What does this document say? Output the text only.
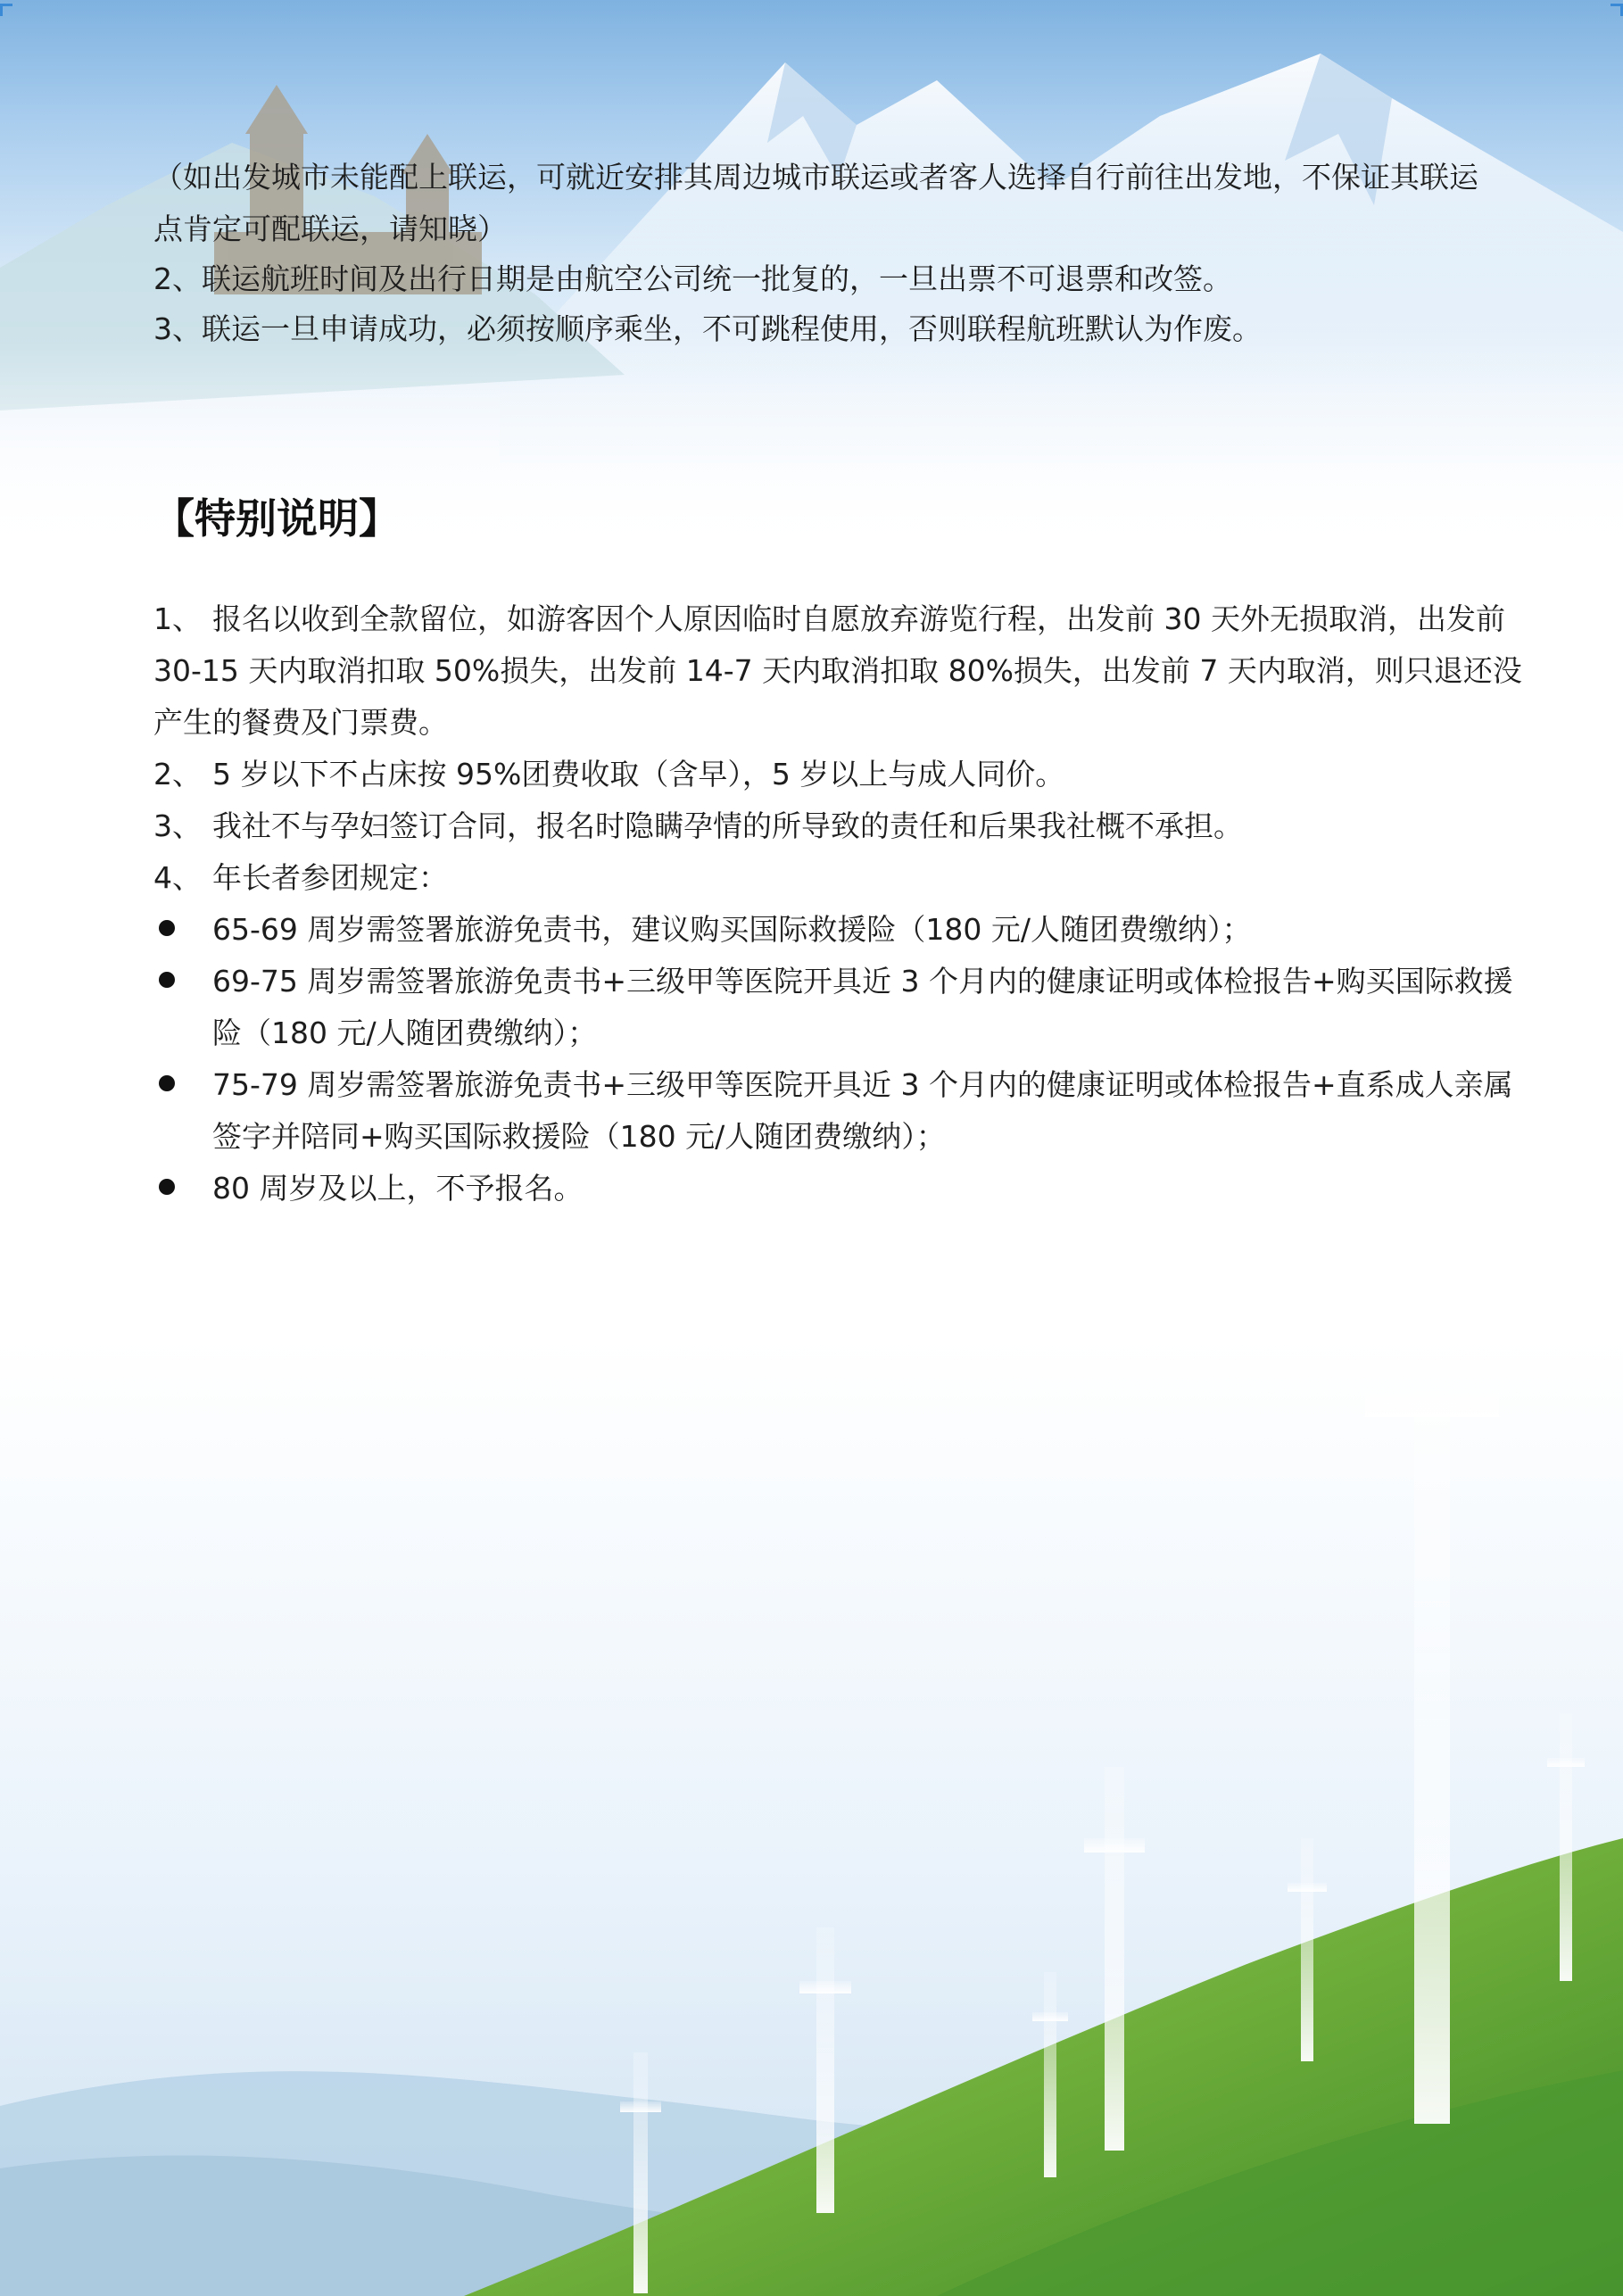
（如出发城市未能配上联运，可就近安排其周边城市联运或者客人选择自行前往出发地，不保证其联运
点肯定可配联运，请知晓）
2、联运航班时间及出行日期是由航空公司统一批复的，一旦出票不可退票和改签。
3、联运一旦申请成功，必须按顺序乘坐，不可跳程使用，否则联程航班默认为作废。
【特别说明】
1、 报名以收到全款留位，如游客因个人原因临时自愿放弃游览行程，出发前 30 天外无损取消，出发前
30-15 天内取消扣取 50%损失，出发前 14-7 天内取消扣取 80%损失，出发前 7 天内取消，则只退还没
产生的餐费及门票费。
2、 5 岁以下不占床按 95%团费收取（含早），5 岁以上与成人同价。
3、 我社不与孕妇签订合同，报名时隐瞒孕情的所导致的责任和后果我社概不承担。
4、 年长者参团规定：
65-69 周岁需签署旅游免责书，建议购买国际救援险（180 元/人随团费缴纳）；
69-75 周岁需签署旅游免责书+三级甲等医院开具近 3 个月内的健康证明或体检报告+购买国际救援
险（180 元/人随团费缴纳）；
75-79 周岁需签署旅游免责书+三级甲等医院开具近 3 个月内的健康证明或体检报告+直系成人亲属
签字并陪同+购买国际救援险（180 元/人随团费缴纳）；
80 周岁及以上，不予报名。
